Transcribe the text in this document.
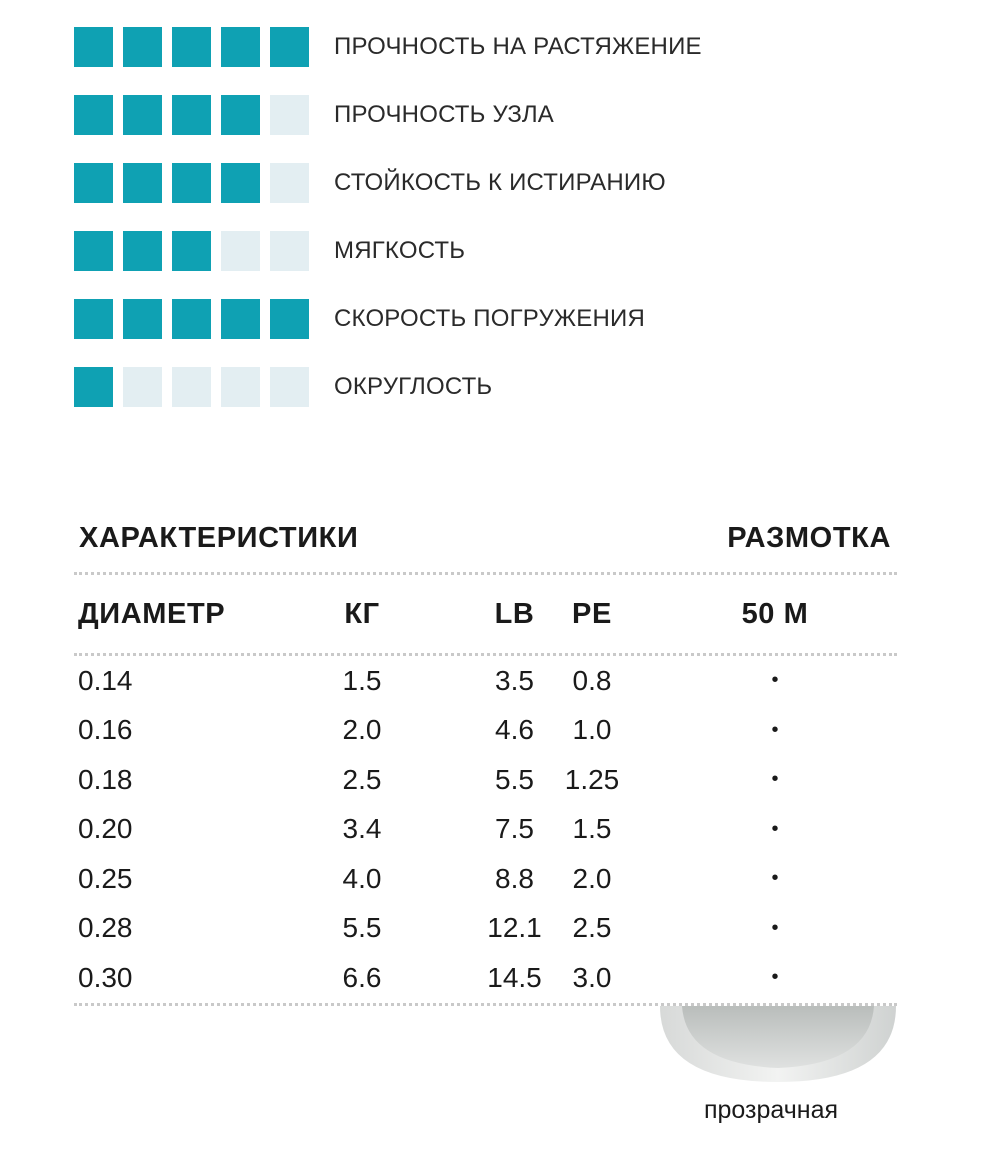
ПРОЧНОСТЬ НА РАСТЯЖЕНИЕ
ПРОЧНОСТЬ УЗЛА
СТОЙКОСТЬ К ИСТИРАНИЮ
МЯГКОСТЬ
СКОРОСТЬ ПОГРУЖЕНИЯ
ОКРУГЛОСТЬ
ХАРАКТЕРИСТИКИ	РАЗМОТКА
ДИАМЕТР	КГ	LB	PE	50 M
0.14	1.5	3.5	0.8	•
0.16	2.0	4.6	1.0	•
0.18	2.5	5.5	1.25	•
0.20	3.4	7.5	1.5	•
0.25	4.0	8.8	2.0	•
0.28	5.5	12.1	2.5	•
0.30	6.6	14.5	3.0	•
прозрачная
